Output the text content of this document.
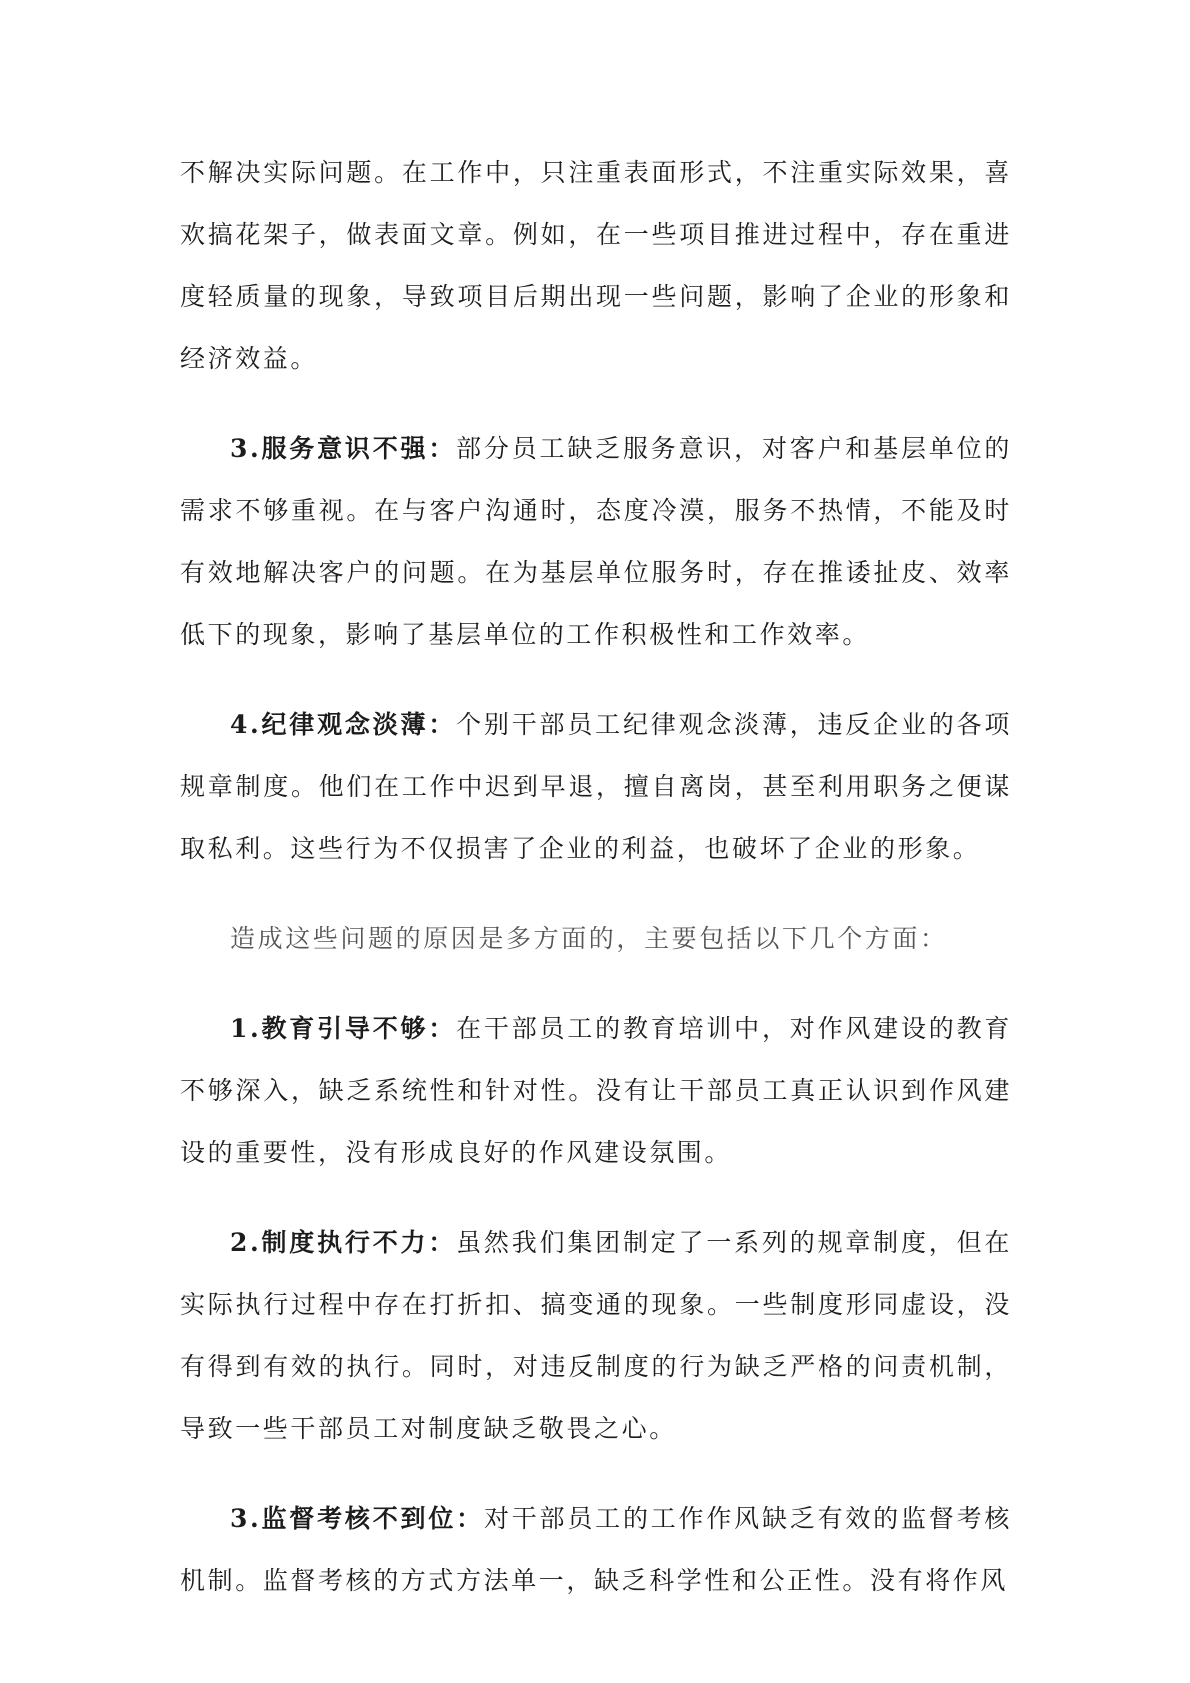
不解决实际问题。在工作中，只注重表面形式，不注重实际效果，喜欢搞花架子，做表面文章。例如，在一些项目推进过程中，存在重进度轻质量的现象，导致项目后期出现一些问题，影响了企业的形象和经济效益。

3.服务意识不强：部分员工缺乏服务意识，对客户和基层单位的需求不够重视。在与客户沟通时，态度冷漠，服务不热情，不能及时有效地解决客户的问题。在为基层单位服务时，存在推诿扯皮、效率低下的现象，影响了基层单位的工作积极性和工作效率。

4.纪律观念淡薄：个别干部员工纪律观念淡薄，违反企业的各项规章制度。他们在工作中迟到早退，擅自离岗，甚至利用职务之便谋取私利。这些行为不仅损害了企业的利益，也破坏了企业的形象。

造成这些问题的原因是多方面的，主要包括以下几个方面：

1.教育引导不够：在干部员工的教育培训中，对作风建设的教育不够深入，缺乏系统性和针对性。没有让干部员工真正认识到作风建设的重要性，没有形成良好的作风建设氛围。

2.制度执行不力：虽然我们集团制定了一系列的规章制度，但在实际执行过程中存在打折扣、搞变通的现象。一些制度形同虚设，没有得到有效的执行。同时，对违反制度的行为缺乏严格的问责机制，导致一些干部员工对制度缺乏敬畏之心。

3.监督考核不到位：对干部员工的工作作风缺乏有效的监督考核机制。监督考核的方式方法单一，缺乏科学性和公正性。没有将作风
